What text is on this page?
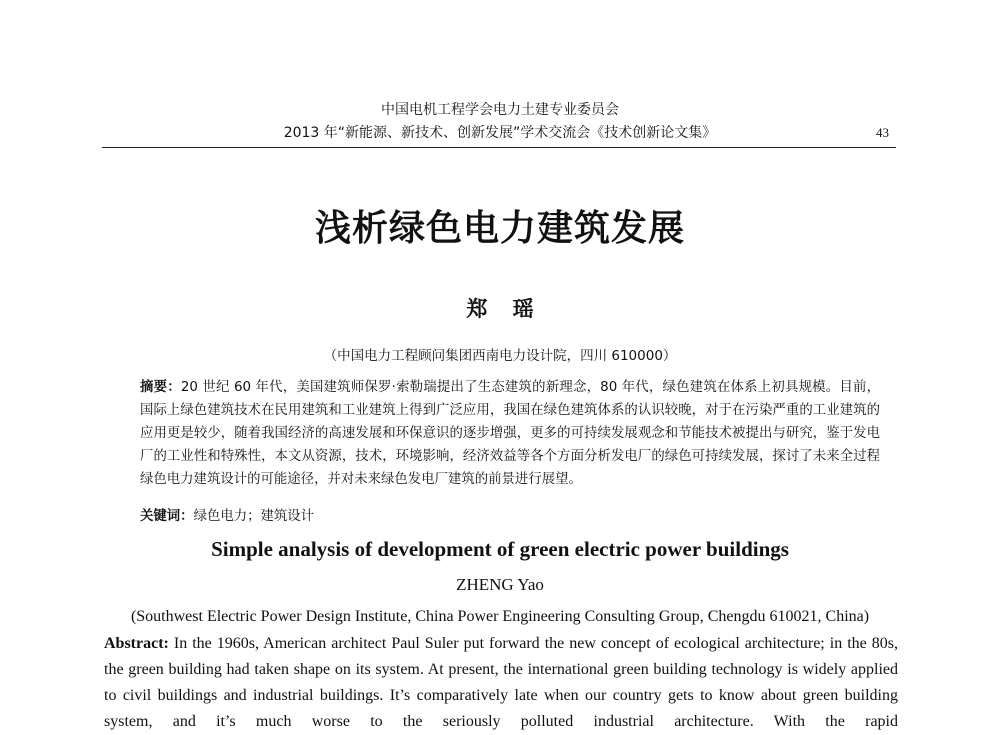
中国电机工程学会电力土建专业委员会
2013 年“新能源、新技术、创新发展”学术交流会《技术创新论文集》	43
浅析绿色电力建筑发展
郑 瑶
（中国电力工程顾问集团西南电力设计院，四川 610000）
摘要：20 世纪 60 年代，美国建筑师保罗·索勒瑞提出了生态建筑的新理念，80 年代，绿色建筑在体系上初具规模。目前，国际上绿色建筑技术在民用建筑和工业建筑上得到广泛应用，我国在绿色建筑体系的认识较晚，对于在污染严重的工业建筑的应用更是较少，随着我国经济的高速发展和环保意识的逐步增强，更多的可持续发展观念和节能技术被提出与研究，鉴于发电厂的工业性和特殊性，本文从资源，技术，环境影响，经济效益等各个方面分析发电厂的绿色可持续发展，探讨了未来全过程绿色电力建筑设计的可能途径，并对未来绿色发电厂建筑的前景进行展望。
关键词：绿色电力；建筑设计
Simple analysis of development of green electric power buildings
ZHENG Yao
(Southwest Electric Power Design Institute, China Power Engineering Consulting Group, Chengdu 610021, China)
Abstract: In the 1960s, American architect Paul Suler put forward the new concept of ecological architecture; in the 80s, the green building had taken shape on its system. At present, the international green building technology is widely applied to civil buildings and industrial buildings. It’s comparatively late when our country gets to know about green building system, and it’s much worse to the seriously polluted industrial architecture. With the rapid
